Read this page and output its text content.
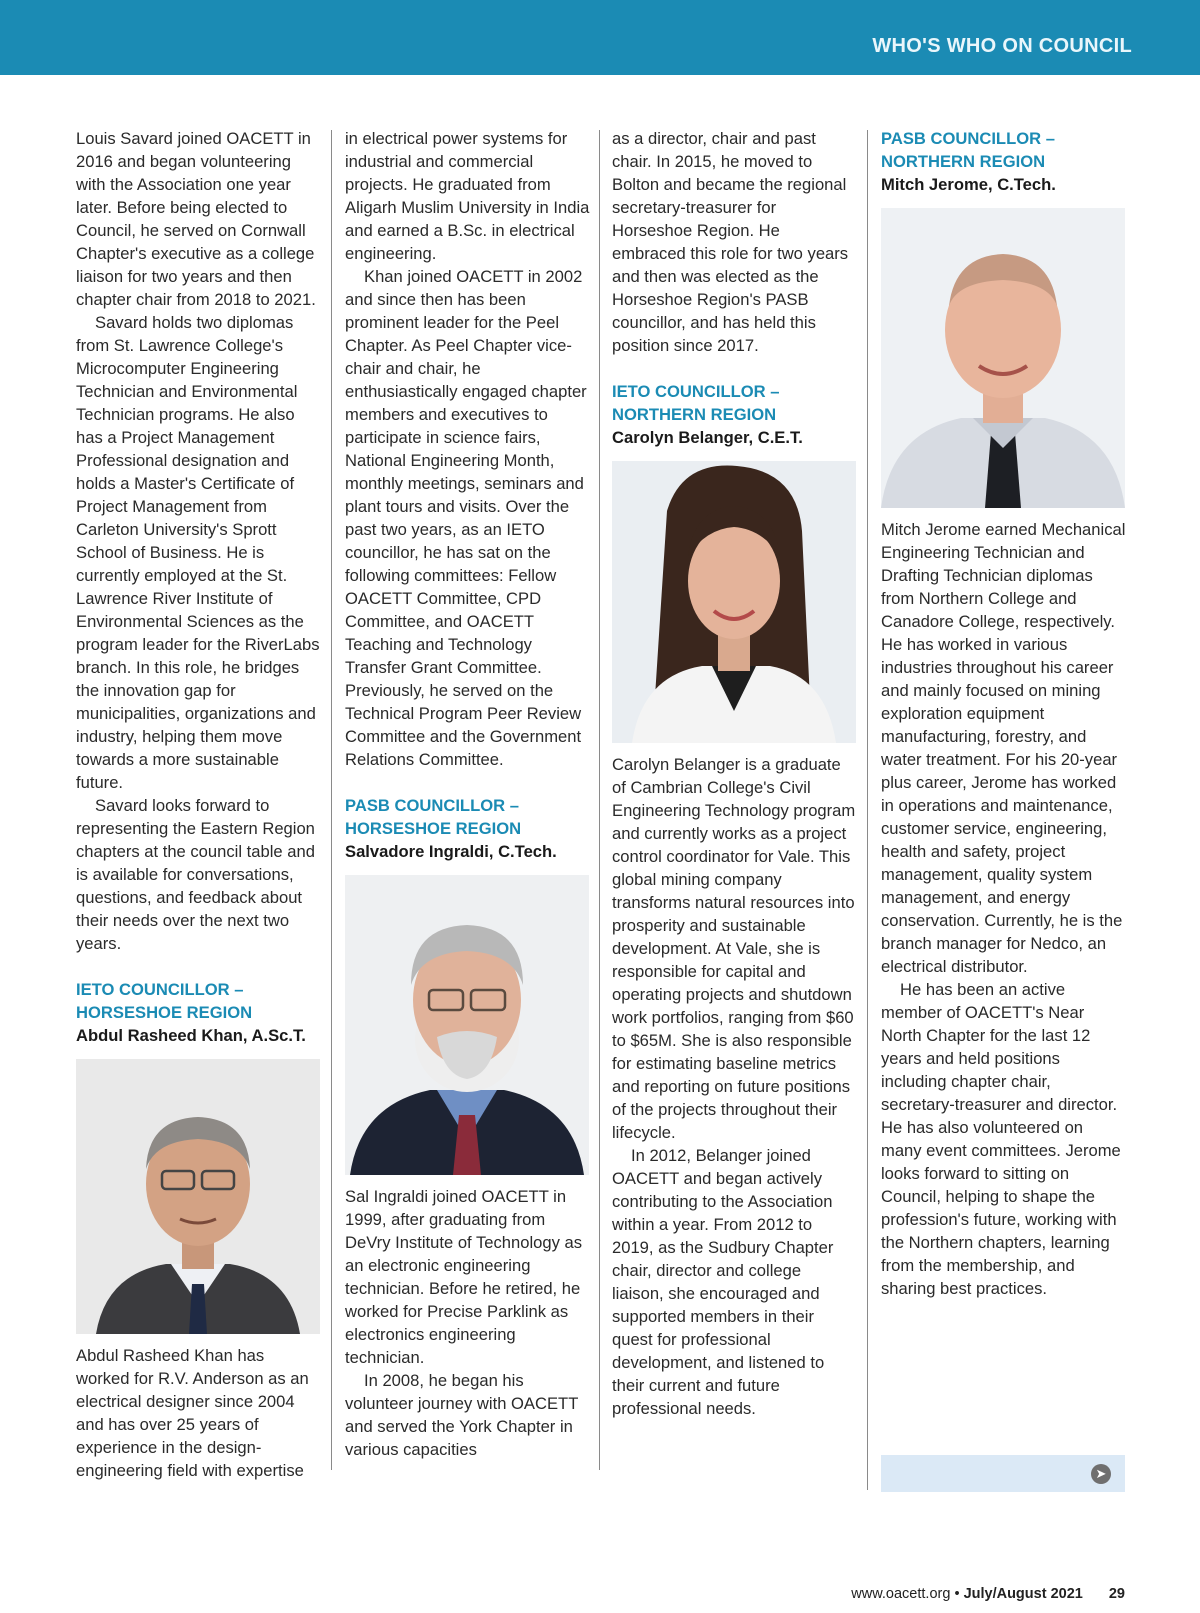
WHO'S WHO ON COUNCIL

Louis Savard joined OACETT in 2016 and began volunteering with the Association one year later. Before being elected to Council, he served on Cornwall Chapter's executive as a college liaison for two years and then chapter chair from 2018 to 2021.

Savard holds two diplomas from St. Lawrence College's Microcomputer Engineering Technician and Environmental Technician programs. He also has a Project Management Professional designation and holds a Master's Certificate of Project Management from Carleton University's Sprott School of Business. He is currently employed at the St. Lawrence River Institute of Environmental Sciences as the program leader for the RiverLabs branch. In this role, he bridges the innovation gap for municipalities, organizations and industry, helping them move towards a more sustainable future.

Savard looks forward to representing the Eastern Region chapters at the council table and is available for conversations, questions, and feedback about their needs over the next two years.

IETO COUNCILLOR –
HORSESHOE REGION
Abdul Rasheed Khan, A.Sc.T.

Abdul Rasheed Khan has worked for R.V. Anderson as an electrical designer since 2004 and has over 25 years of experience in the design-engineering field with expertise

in electrical power systems for industrial and commercial projects. He graduated from Aligarh Muslim University in India and earned a B.Sc. in electrical engineering.

Khan joined OACETT in 2002 and since then has been prominent leader for the Peel Chapter. As Peel Chapter vice-chair and chair, he enthusiastically engaged chapter members and executives to participate in science fairs, National Engineering Month, monthly meetings, seminars and plant tours and visits. Over the past two years, as an IETO councillor, he has sat on the following committees: Fellow OACETT Committee, CPD Committee, and OACETT Teaching and Technology Transfer Grant Committee. Previously, he served on the Technical Program Peer Review Committee and the Government Relations Committee.

PASB COUNCILLOR –
HORSESHOE REGION
Salvadore Ingraldi, C.Tech.

Sal Ingraldi joined OACETT in 1999, after graduating from DeVry Institute of Technology as an electronic engineering technician. Before he retired, he worked for Precise Parklink as electronics engineering technician.

In 2008, he began his volunteer journey with OACETT and served the York Chapter in various capacities

as a director, chair and past chair. In 2015, he moved to Bolton and became the regional secretary-treasurer for Horseshoe Region. He embraced this role for two years and then was elected as the Horseshoe Region's PASB councillor, and has held this position since 2017.

IETO COUNCILLOR –
NORTHERN REGION
Carolyn Belanger, C.E.T.

Carolyn Belanger is a graduate of Cambrian College's Civil Engineering Technology program and currently works as a project control coordinator for Vale. This global mining company transforms natural resources into prosperity and sustainable development. At Vale, she is responsible for capital and operating projects and shutdown work portfolios, ranging from $60 to $65M. She is also responsible for estimating baseline metrics and reporting on future positions of the projects throughout their lifecycle.

In 2012, Belanger joined OACETT and began actively contributing to the Association within a year. From 2012 to 2019, as the Sudbury Chapter chair, director and college liaison, she encouraged and supported members in their quest for professional development, and listened to their current and future professional needs.

PASB COUNCILLOR –
NORTHERN REGION
Mitch Jerome, C.Tech.

Mitch Jerome earned Mechanical Engineering Technician and Drafting Technician diplomas from Northern College and Canadore College, respectively. He has worked in various industries throughout his career and mainly focused on mining exploration equipment manufacturing, forestry, and water treatment. For his 20-year plus career, Jerome has worked in operations and maintenance, customer service, engineering, health and safety, project management, quality system management, and energy conservation. Currently, he is the branch manager for Nedco, an electrical distributor.

He has been an active member of OACETT's Near North Chapter for the last 12 years and held positions including chapter chair, secretary-treasurer and director. He has also volunteered on many event committees. Jerome looks forward to sitting on Council, helping to shape the profession's future, working with the Northern chapters, learning from the membership, and sharing best practices.

➤
www.oacett.org • July/August 2021 29
